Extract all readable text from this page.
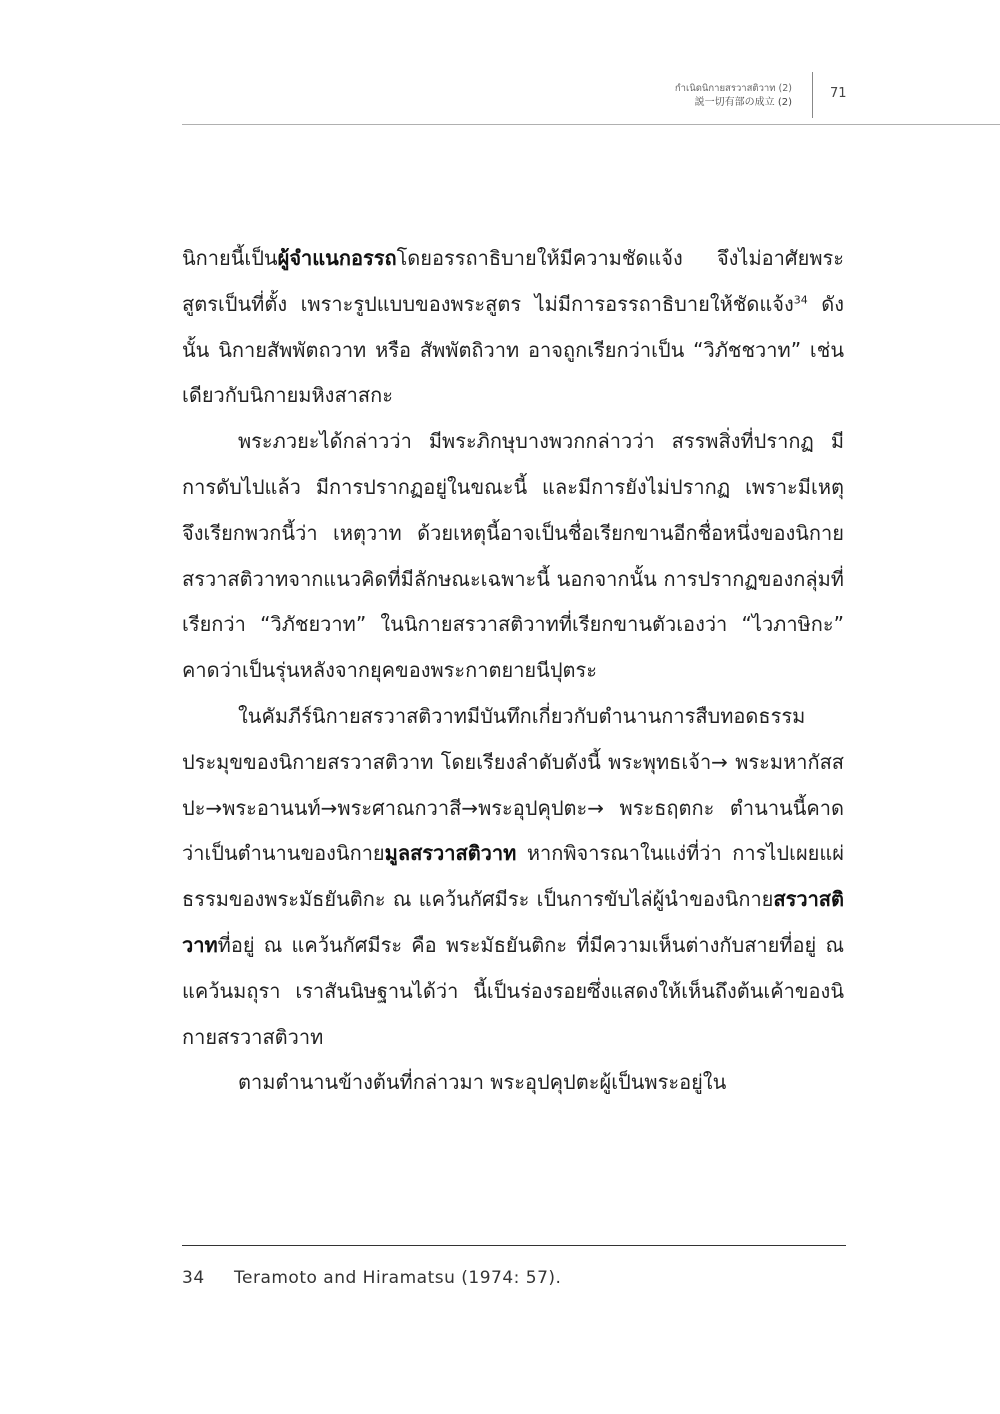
กำเนิดนิกายสรวาสติวาท (2)
説一切有部の成立 (2)
71

นิกายนี้เป็นผู้จำแนกอรรถโดยอรรถาธิบายให้มีความชัดแจ้ง จึงไม่อาศัยพระสูตรเป็นที่ตั้ง เพราะรูปแบบของพระสูตร ไม่มีการอรรถาธิบายให้ชัดแจ้ง$^{34}$ ดังนั้น นิกายสัพพัตถวาท หรือ สัพพัตถิวาท อาจถูกเรียกว่าเป็น “วิภัชชวาท” เช่นเดียวกับนิกายมหิงสาสกะ

พระภวยะได้กล่าวว่า มีพระภิกษุบางพวกกล่าวว่า สรรพสิ่งที่ปรากฏ มีการดับไปแล้ว มีการปรากฏอยู่ในขณะนี้ และมีการยังไม่ปรากฏ เพราะมีเหตุ จึงเรียกพวกนี้ว่า เหตุวาท ด้วยเหตุนี้อาจเป็นชื่อเรียกขานอีกชื่อหนึ่งของนิกายสรวาสติวาทจากแนวคิดที่มีลักษณะเฉพาะนี้ นอกจากนั้น การปรากฏของกลุ่มที่เรียกว่า “วิภัชยวาท” ในนิกายสรวาสติวาทที่เรียกขานตัวเองว่า “ไวภาษิกะ” คาดว่าเป็นรุ่นหลังจากยุคของพระกาตยายนีปุตระ

ในคัมภีร์นิกายสรวาสติวาทมีบันทึกเกี่ยวกับตำนานการสืบทอดธรรมประมุขของนิกายสรวาสติวาท โดยเรียงลำดับดังนี้ พระพุทธเจ้า→ พระมหากัสสปะ→พระอานนท์→พระศาณกวาสี→พระอุปคุปตะ→ พระธฤตกะ ตำนานนี้คาดว่าเป็นตำนานของนิกายมูลสรวาสติวาท หากพิจารณาในแง่ที่ว่า การไปเผยแผ่ธรรมของพระมัธยันติกะ ณ แคว้นกัศมีระ เป็นการขับไล่ผู้นำของนิกายสรวาสติวาทที่อยู่ ณ แคว้นกัศมีระ คือ พระมัธยันติกะ ที่มีความเห็นต่างกับสายที่อยู่ ณ แคว้นมถุรา เราสันนิษฐานได้ว่า นี้เป็นร่องรอยซึ่งแสดงให้เห็นถึงต้นเค้าของนิกายสรวาสติวาท

ตามตำนานข้างต้นที่กล่าวมา พระอุปคุปตะผู้เป็นพระอยู่ใน

34 Teramoto and Hiramatsu (1974: 57).
